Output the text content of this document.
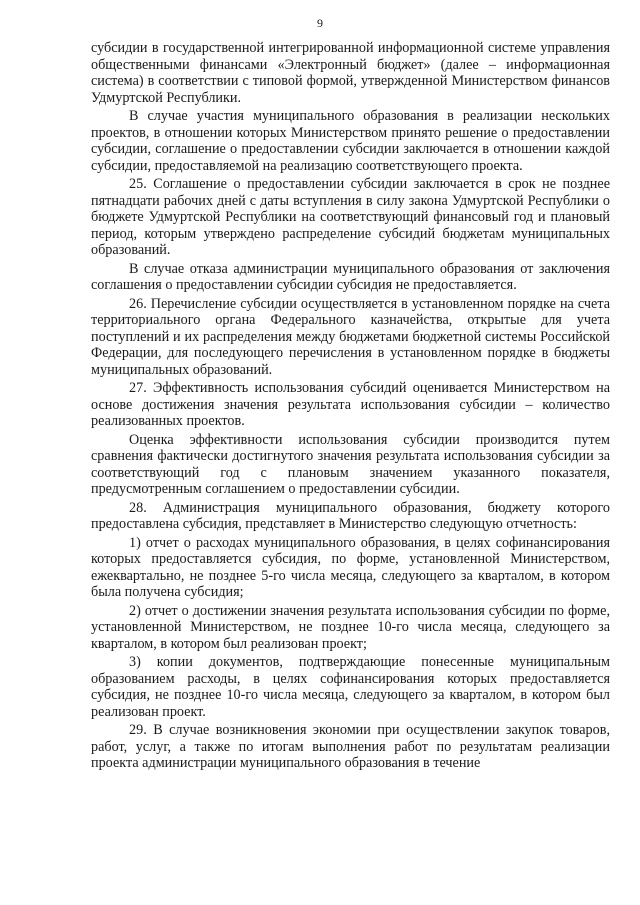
9

субсидии в государственной интегрированной информационной системе управления общественными финансами «Электронный бюджет» (далее – информационная система) в соответствии с типовой формой, утвержденной Министерством финансов Удмуртской Республики.

В случае участия муниципального образования в реализации нескольких проектов, в отношении которых Министерством принято решение о предоставлении субсидии, соглашение о предоставлении субсидии заключается в отношении каждой субсидии, предоставляемой на реализацию соответствующего проекта.

25. Соглашение о предоставлении субсидии заключается в срок не позднее пятнадцати рабочих дней с даты вступления в силу закона Удмуртской Республики о бюджете Удмуртской Республики на соответствующий финансовый год и плановый период, которым утверждено распределение субсидий бюджетам муниципальных образований.

В случае отказа администрации муниципального образования от заключения соглашения о предоставлении субсидии субсидия не предоставляется.

26. Перечисление субсидии осуществляется в установленном порядке на счета территориального органа Федерального казначейства, открытые для учета поступлений и их распределения между бюджетами бюджетной системы Российской Федерации, для последующего перечисления в установленном порядке в бюджеты муниципальных образований.

27. Эффективность использования субсидий оценивается Министерством на основе достижения значения результата использования субсидии – количество реализованных проектов.

Оценка эффективности использования субсидии производится путем сравнения фактически достигнутого значения результата использования субсидии за соответствующий год с плановым значением указанного показателя, предусмотренным соглашением о предоставлении субсидии.

28. Администрация муниципального образования, бюджету которого предоставлена субсидия, представляет в Министерство следующую отчетность:

1) отчет о расходах муниципального образования, в целях софинансирования которых предоставляется субсидия, по форме, установленной Министерством, ежеквартально, не позднее 5-го числа месяца, следующего за кварталом, в котором была получена субсидия;

2) отчет о достижении значения результата использования субсидии по форме, установленной Министерством, не позднее 10-го числа месяца, следующего за кварталом, в котором был реализован проект;

3) копии документов, подтверждающие понесенные муниципальным образованием расходы, в целях софинансирования которых предоставляется субсидия, не позднее 10-го числа месяца, следующего за кварталом, в котором был реализован проект.

29. В случае возникновения экономии при осуществлении закупок товаров, работ, услуг, а также по итогам выполнения работ по результатам реализации проекта администрации муниципального образования в течение
